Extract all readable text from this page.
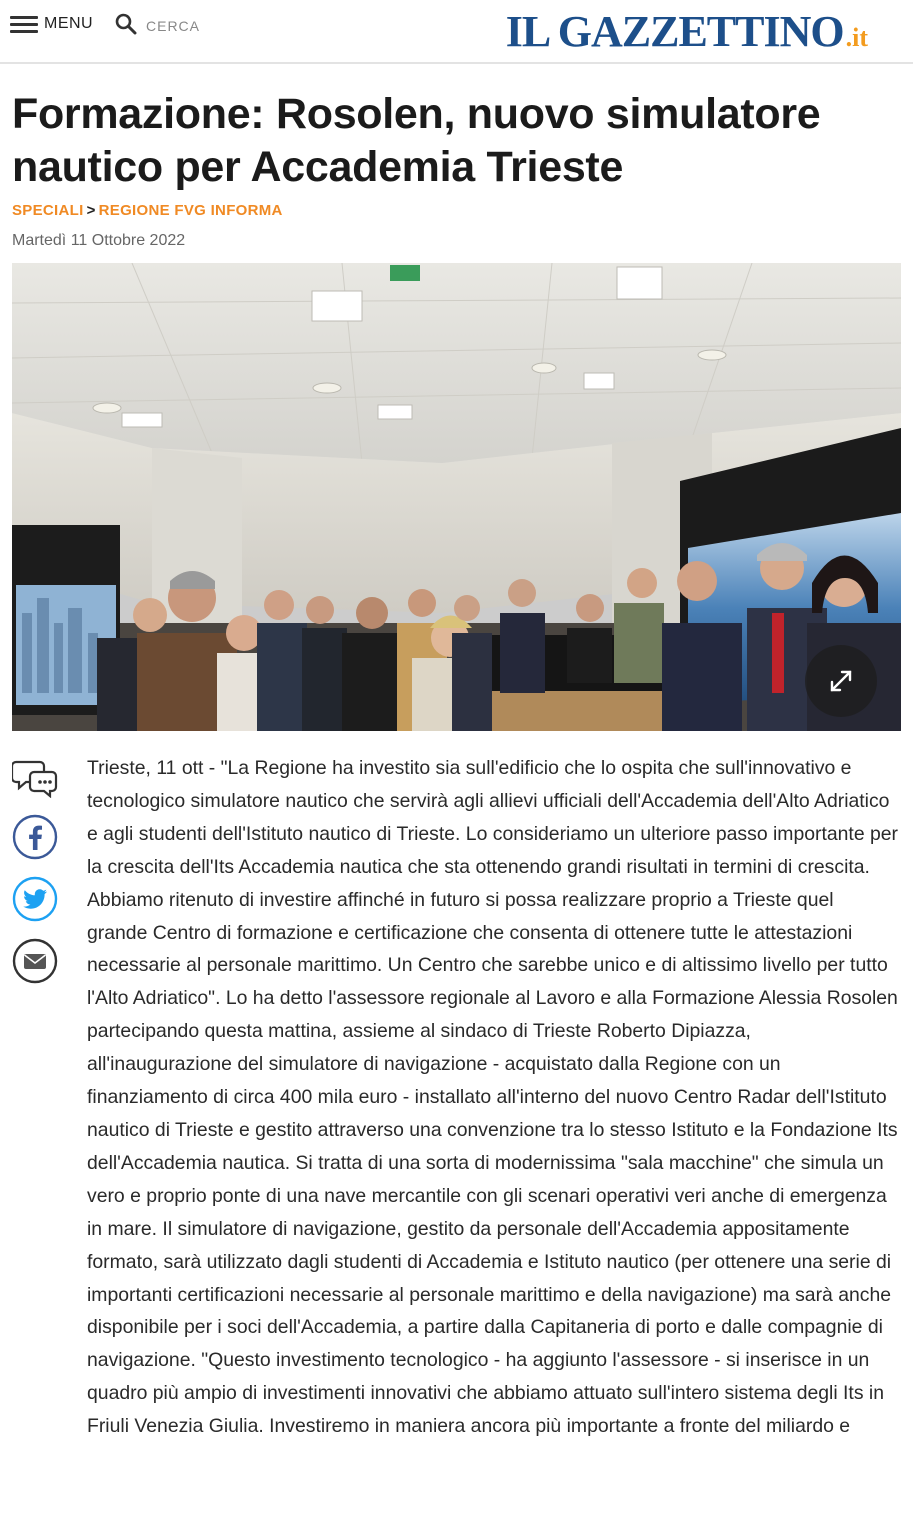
MENU	CERCA	IL GAZZETTINO .it
Formazione: Rosolen, nuovo simulatore nautico per Accademia Trieste
SPECIALI > REGIONE FVG INFORMA
Martedì 11 Ottobre 2022

Trieste, 11 ott - "La Regione ha investito sia sull'edificio che lo ospita che sull'innovativo e tecnologico simulatore nautico che servirà agli allievi ufficiali dell'Accademia dell'Alto Adriatico e agli studenti dell'Istituto nautico di Trieste. Lo consideriamo un ulteriore passo importante per la crescita dell'Its Accademia nautica che sta ottenendo grandi risultati in termini di crescita. Abbiamo ritenuto di investire affinché in futuro si possa realizzare proprio a Trieste quel grande Centro di formazione e certificazione che consenta di ottenere tutte le attestazioni necessarie al personale marittimo. Un Centro che sarebbe unico e di altissimo livello per tutto l'Alto Adriatico". Lo ha detto l'assessore regionale al Lavoro e alla Formazione Alessia Rosolen partecipando questa mattina, assieme al sindaco di Trieste Roberto Dipiazza, all'inaugurazione del simulatore di navigazione - acquistato dalla Regione con un finanziamento di circa 400 mila euro - installato all'interno del nuovo Centro Radar dell'Istituto nautico di Trieste e gestito attraverso una convenzione tra lo stesso Istituto e la Fondazione Its dell'Accademia nautica. Si tratta di una sorta di modernissima "sala macchine" che simula un vero e proprio ponte di una nave mercantile con gli scenari operativi veri anche di emergenza in mare. Il simulatore di navigazione, gestito da personale dell'Accademia appositamente formato, sarà utilizzato dagli studenti di Accademia e Istituto nautico (per ottenere una serie di importanti certificazioni necessarie al personale marittimo e della navigazione) ma sarà anche disponibile per i soci dell'Accademia, a partire dalla Capitaneria di porto e dalle compagnie di navigazione. "Questo investimento tecnologico - ha aggiunto l'assessore - si inserisce in un quadro più ampio di investimenti innovativi che abbiamo attuato sull'intero sistema degli Its in Friuli Venezia Giulia. Investiremo in maniera ancora più importante a fronte del miliardo e
